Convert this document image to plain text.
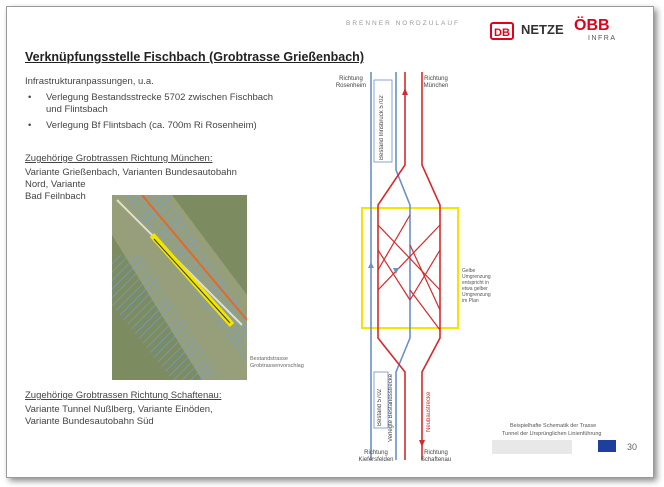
BRENNER NORDZULAUF
DB NETZE ÖBB
INFRA
Verknüpfungsstelle Fischbach (Grobtrasse Grießenbach)
Infrastrukturanpassungen, u.a.
• Verlegung Bestandsstrecke 5702 zwischen Fischbach
und Flintsbach
• Verlegung Bf Flintsbach (ca. 700m Ri Rosenheim)
Zugehörige Grobtrassen Richtung München:
Variante Grießenbach, Varianten Bundesautobahn
Nord, Variante
Bad Feilnbach
Bestandstrasse
Grobtrassenvorschlag
Zugehörige Grobtrassen Richtung Schaftenau:
Variante Tunnel Nußlberg, Variante Einöden,
Variante Bundesautobahn Süd
Richtung
Rosenheim
Richtung
München
Richtung
Kiefersfelden
Richtung
Schaftenau
Bestand Innsbruck 5702
Bestand 5702 Verlegte Bestandsstrecke	Neubaustrecke
Gelbe
Umgrenzung
entspricht in
etwa gelber
Umgrenzung
im Plan
Beispielhafte Schematik der Trasse
Tunnel der Ursprünglichen Linienführung
30
